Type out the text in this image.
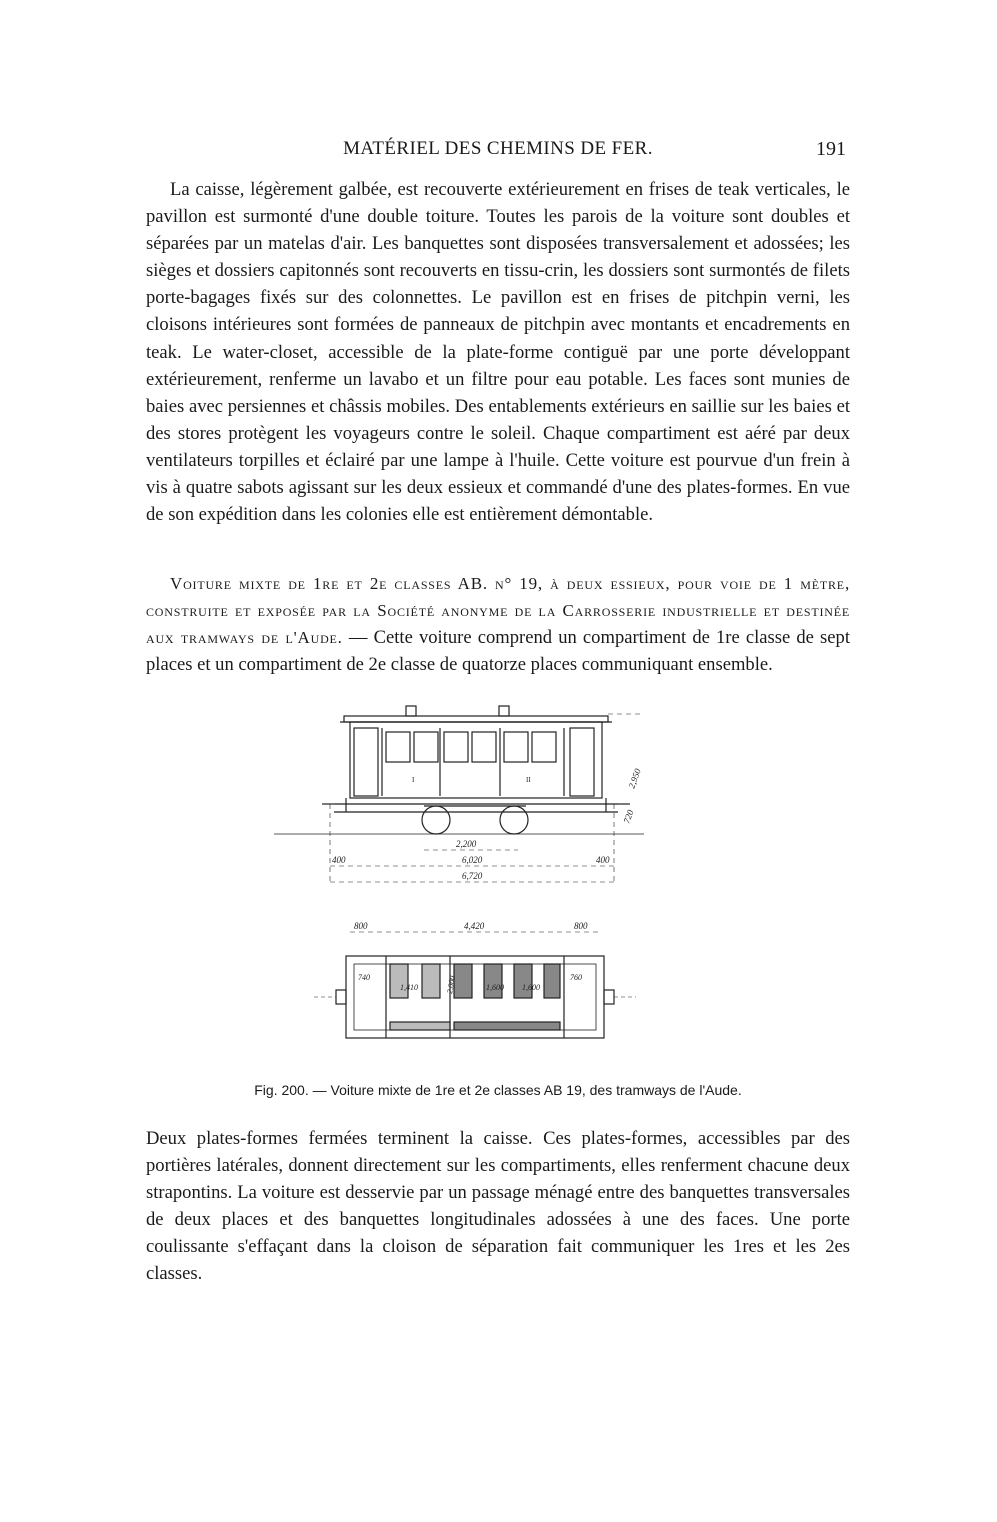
MATÉRIEL DES CHEMINS DE FER.	191

La caisse, légèrement galbée, est recouverte extérieurement en frises de teak verticales, le pavillon est surmonté d'une double toiture. Toutes les parois de la voiture sont doubles et séparées par un matelas d'air. Les banquettes sont disposées transversalement et adossées; les sièges et dossiers capitonnés sont recouverts en tissu-crin, les dossiers sont surmontés de filets porte-bagages fixés sur des colonnettes. Le pavillon est en frises de pitchpin verni, les cloisons intérieures sont formées de panneaux de pitchpin avec montants et encadrements en teak. Le water-closet, accessible de la plate-forme contiguë par une porte développant extérieurement, renferme un lavabo et un filtre pour eau potable. Les faces sont munies de baies avec persiennes et châssis mobiles. Des entablements extérieurs en saillie sur les baies et des stores protègent les voyageurs contre le soleil. Chaque compartiment est aéré par deux ventilateurs torpilles et éclairé par une lampe à l'huile. Cette voiture est pourvue d'un frein à vis à quatre sabots agissant sur les deux essieux et commandé d'une des plates-formes. En vue de son expédition dans les colonies elle est entièrement démontable.

Voiture mixte de 1re et 2e classes AB. n° 19, à deux essieux, pour voie de 1 mètre, construite et exposée par la Société anonyme de la Carrosserie industrielle et destinée aux tramways de l'Aude. — Cette voiture comprend un compartiment de 1re classe de sept places et un compartiment de 2e classe de quatorze places communiquant ensemble.

2,950
720
2,200
6,020
6,720
400	400
I	II
800	4,420	800
740
1,410	2,000	1,600 1,600
760
Fig. 200. — Voiture mixte de 1re et 2e classes AB 19, des tramways de l'Aude.

Deux plates-formes fermées terminent la caisse. Ces plates-formes, accessibles par des portières latérales, donnent directement sur les compartiments, elles renferment chacune deux strapontins. La voiture est desservie par un passage ménagé entre des banquettes transversales de deux places et des banquettes longitudinales adossées à une des faces. Une porte coulissante s'effaçant dans la cloison de séparation fait communiquer les 1res et les 2es classes.
